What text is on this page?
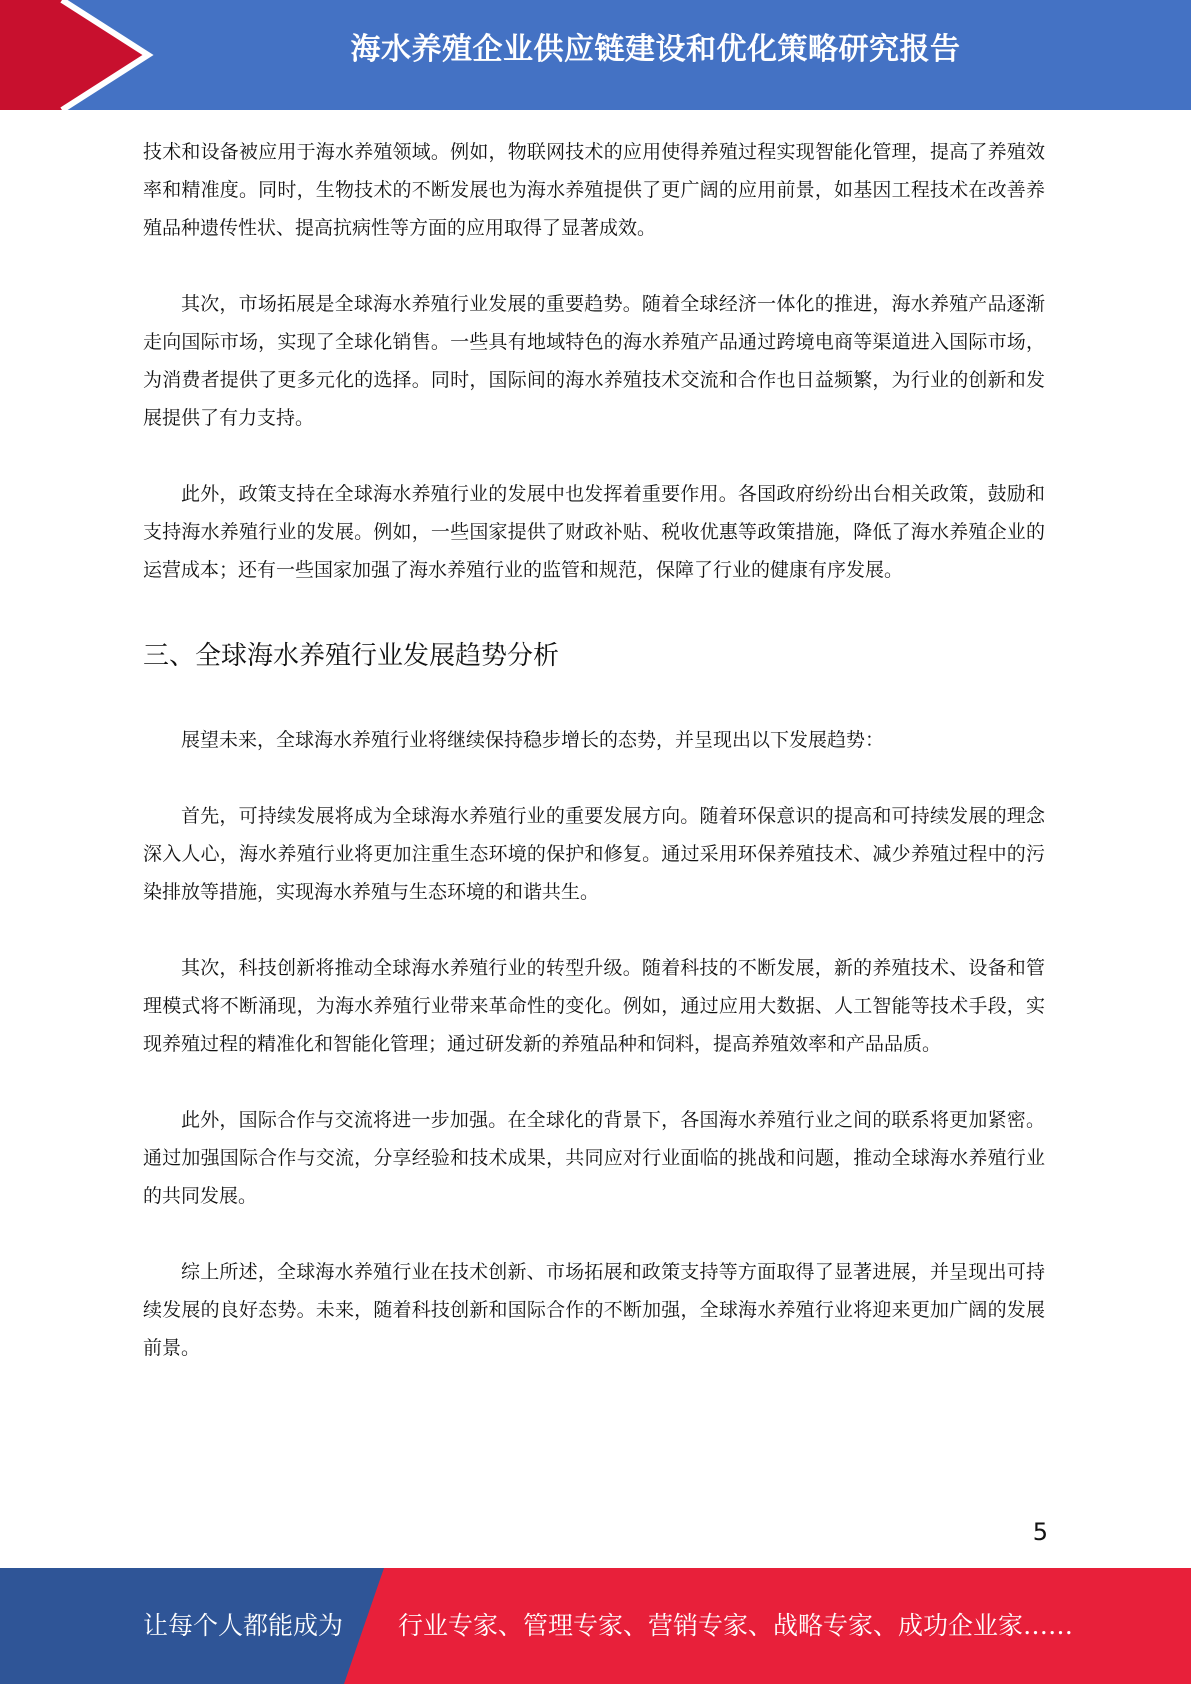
海水养殖企业供应链建设和优化策略研究报告

技术和设备被应用于海水养殖领域。例如，物联网技术的应用使得养殖过程实现智能化管理，提高了养殖效率和精准度。同时，生物技术的不断发展也为海水养殖提供了更广阔的应用前景，如基因工程技术在改善养殖品种遗传性状、提高抗病性等方面的应用取得了显著成效。

其次，市场拓展是全球海水养殖行业发展的重要趋势。随着全球经济一体化的推进，海水养殖产品逐渐走向国际市场，实现了全球化销售。一些具有地域特色的海水养殖产品通过跨境电商等渠道进入国际市场，为消费者提供了更多元化的选择。同时，国际间的海水养殖技术交流和合作也日益频繁，为行业的创新和发展提供了有力支持。

此外，政策支持在全球海水养殖行业的发展中也发挥着重要作用。各国政府纷纷出台相关政策，鼓励和支持海水养殖行业的发展。例如，一些国家提供了财政补贴、税收优惠等政策措施，降低了海水养殖企业的运营成本；还有一些国家加强了海水养殖行业的监管和规范，保障了行业的健康有序发展。

三、全球海水养殖行业发展趋势分析

展望未来，全球海水养殖行业将继续保持稳步增长的态势，并呈现出以下发展趋势：

首先，可持续发展将成为全球海水养殖行业的重要发展方向。随着环保意识的提高和可持续发展的理念深入人心，海水养殖行业将更加注重生态环境的保护和修复。通过采用环保养殖技术、减少养殖过程中的污染排放等措施，实现海水养殖与生态环境的和谐共生。

其次，科技创新将推动全球海水养殖行业的转型升级。随着科技的不断发展，新的养殖技术、设备和管理模式将不断涌现，为海水养殖行业带来革命性的变化。例如，通过应用大数据、人工智能等技术手段，实现养殖过程的精准化和智能化管理；通过研发新的养殖品种和饲料，提高养殖效率和产品品质。

此外，国际合作与交流将进一步加强。在全球化的背景下，各国海水养殖行业之间的联系将更加紧密。通过加强国际合作与交流，分享经验和技术成果，共同应对行业面临的挑战和问题，推动全球海水养殖行业的共同发展。

综上所述，全球海水养殖行业在技术创新、市场拓展和政策支持等方面取得了显著进展，并呈现出可持续发展的良好态势。未来，随着科技创新和国际合作的不断加强，全球海水养殖行业将迎来更加广阔的发展前景。

5
让每个人都能成为 行业专家、管理专家、营销专家、战略专家、成功企业家……
